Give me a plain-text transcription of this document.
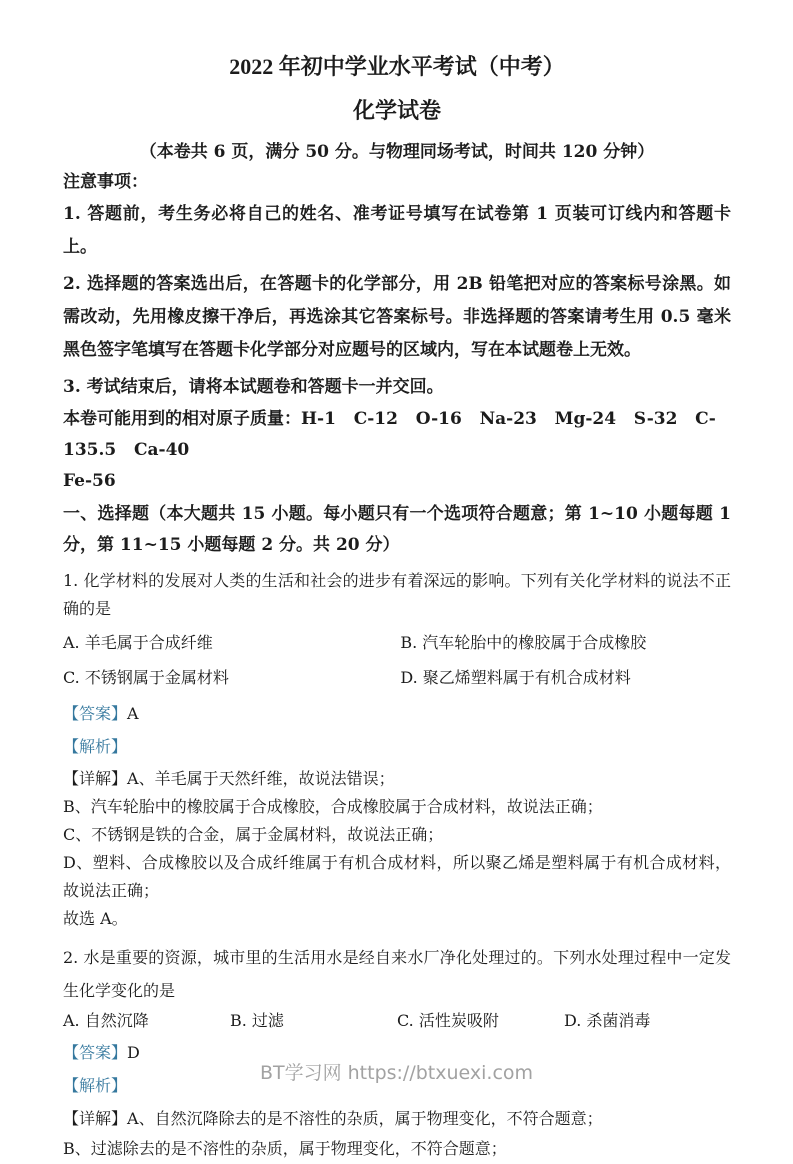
2022 年初中学业水平考试（中考）
化学试卷

（本卷共 6 页，满分 50 分。与物理同场考试，时间共 120 分钟）

注意事项：

1. 答题前，考生务必将自己的姓名、准考证号填写在试卷第 1 页装可订线内和答题卡上。

2. 选择题的答案选出后，在答题卡的化学部分，用 2B 铅笔把对应的答案标号涂黑。如需改动，先用橡皮擦干净后，再选涂其它答案标号。非选择题的答案请考生用 0.5 毫米黑色签字笔填写在答题卡化学部分对应题号的区域内，写在本试题卷上无效。

3. 考试结束后，请将本试题卷和答题卡一并交回。

本卷可能用到的相对原子质量：H-1   C-12   O-16   Na-23   Mg-24   S-32   C-135.5   Ca-40

Fe-56

一、选择题（本大题共 15 小题。每小题只有一个选项符合题意；第 1~10 小题每题 1 分，第 11~15 小题每题 2 分。共 20 分）

1. 化学材料的发展对人类的生活和社会的进步有着深远的影响。下列有关化学材料的说法不正确的是

A. 羊毛属于合成纤维	B. 汽车轮胎中的橡胶属于合成橡胶
C. 不锈钢属于金属材料	D. 聚乙烯塑料属于有机合成材料

【答案】A

【解析】

【详解】A、羊毛属于天然纤维，故说法错误；

B、汽车轮胎中的橡胶属于合成橡胶，合成橡胶属于合成材料，故说法正确；

C、不锈钢是铁的合金，属于金属材料，故说法正确；

D、塑料、合成橡胶以及合成纤维属于有机合成材料，所以聚乙烯是塑料属于有机合成材料，故说法正确；

故选 A。

2. 水是重要的资源，城市里的生活用水是经自来水厂净化处理过的。下列水处理过程中一定发生化学变化的是

A. 自然沉降	B. 过滤	C. 活性炭吸附	D. 杀菌消毒

【答案】D

【解析】

【详解】A、自然沉降除去的是不溶性的杂质，属于物理变化，不符合题意；

B、过滤除去的是不溶性的杂质，属于物理变化，不符合题意；

BT学习网 https://btxuexi.com
